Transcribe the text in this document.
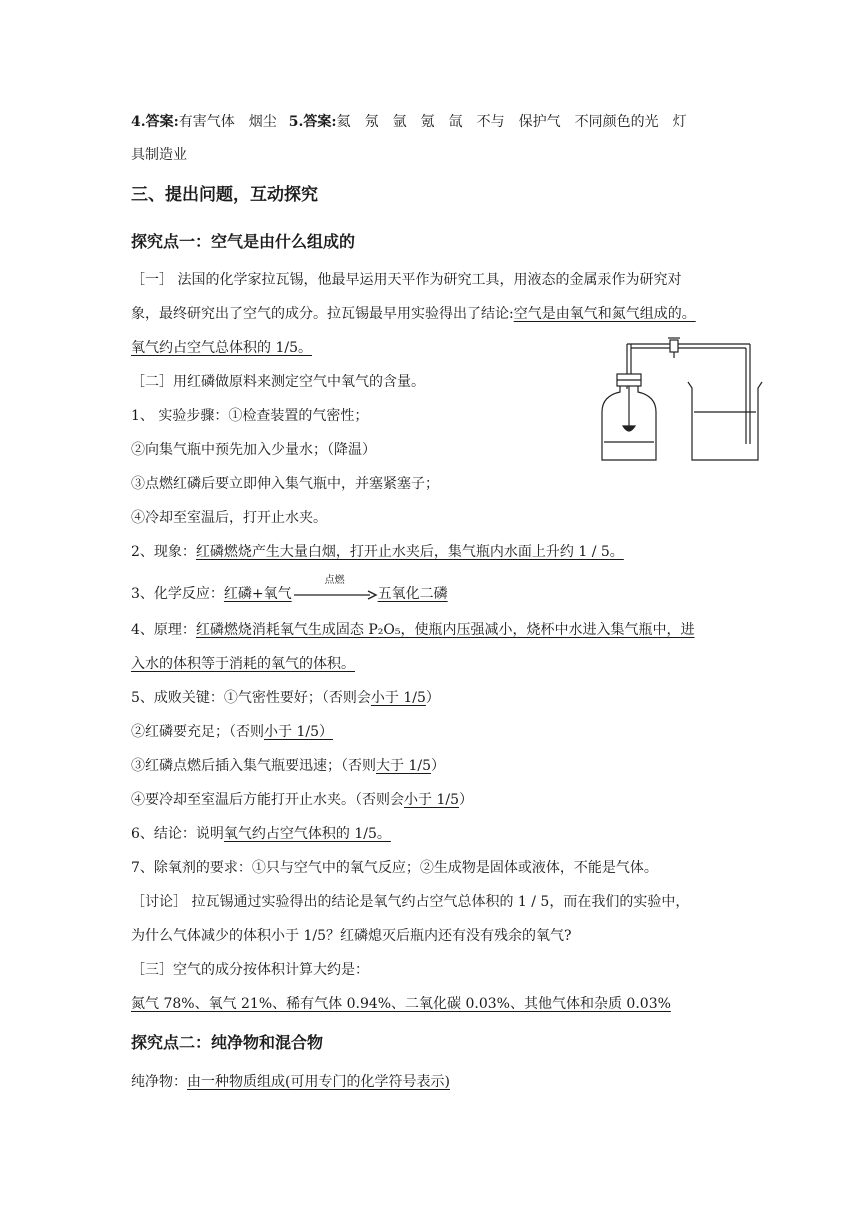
4.答案:有害气体　烟尘 5.答案:氦　氖　氩　氪　氙　不与　保护气　不同颜色的光　灯
具制造业
三、提出问题，互动探究
探究点一：空气是由什么组成的
［一］ 法国的化学家拉瓦锡，他最早运用天平作为研究工具，用液态的金属汞作为研究对
象，最终研究出了空气的成分。拉瓦锡最早用实验得出了结论:空气是由氧气和氮气组成的。
氧气约占空气总体积的 1/5。
［二］用红磷做原料来测定空气中氧气的含量。
1、 实验步骤：①检查装置的气密性；
②向集气瓶中预先加入少量水；（降温）
③点燃红磷后要立即伸入集气瓶中，并塞紧塞子；
④冷却至室温后，打开止水夹。
2、现象：红磷燃烧产生大量白烟，打开止水夹后，集气瓶内水面上升约 1 / 5。
3、化学反应：红磷+氧气
点燃
五氧化二磷
4、原理：红磷燃烧消耗氧气生成固态 P₂O₅，使瓶内压强减小，烧杯中水进入集气瓶中，进
入水的体积等于消耗的氧气的体积。
5、成败关键：①气密性要好；（否则会小于 1/5）
②红磷要充足；（否则小于 1/5）
③红磷点燃后插入集气瓶要迅速；（否则大于 1/5）
④要冷却至室温后方能打开止水夹。（否则会小于 1/5）
6、结论：说明氧气约占空气体积的 1/5。
7、除氧剂的要求：①只与空气中的氧气反应；②生成物是固体或液体，不能是气体。
［讨论］ 拉瓦锡通过实验得出的结论是氧气约占空气总体积的 1 / 5，而在我们的实验中，
为什么气体减少的体积小于 1/5？红磷熄灭后瓶内还有没有残余的氧气?
［三］空气的成分按体积计算大约是：
氮气 78%、氧气 21%、稀有气体 0.94%、二氧化碳 0.03%、其他气体和杂质 0.03%
探究点二：纯净物和混合物
纯净物：由一种物质组成(可用专门的化学符号表示)
